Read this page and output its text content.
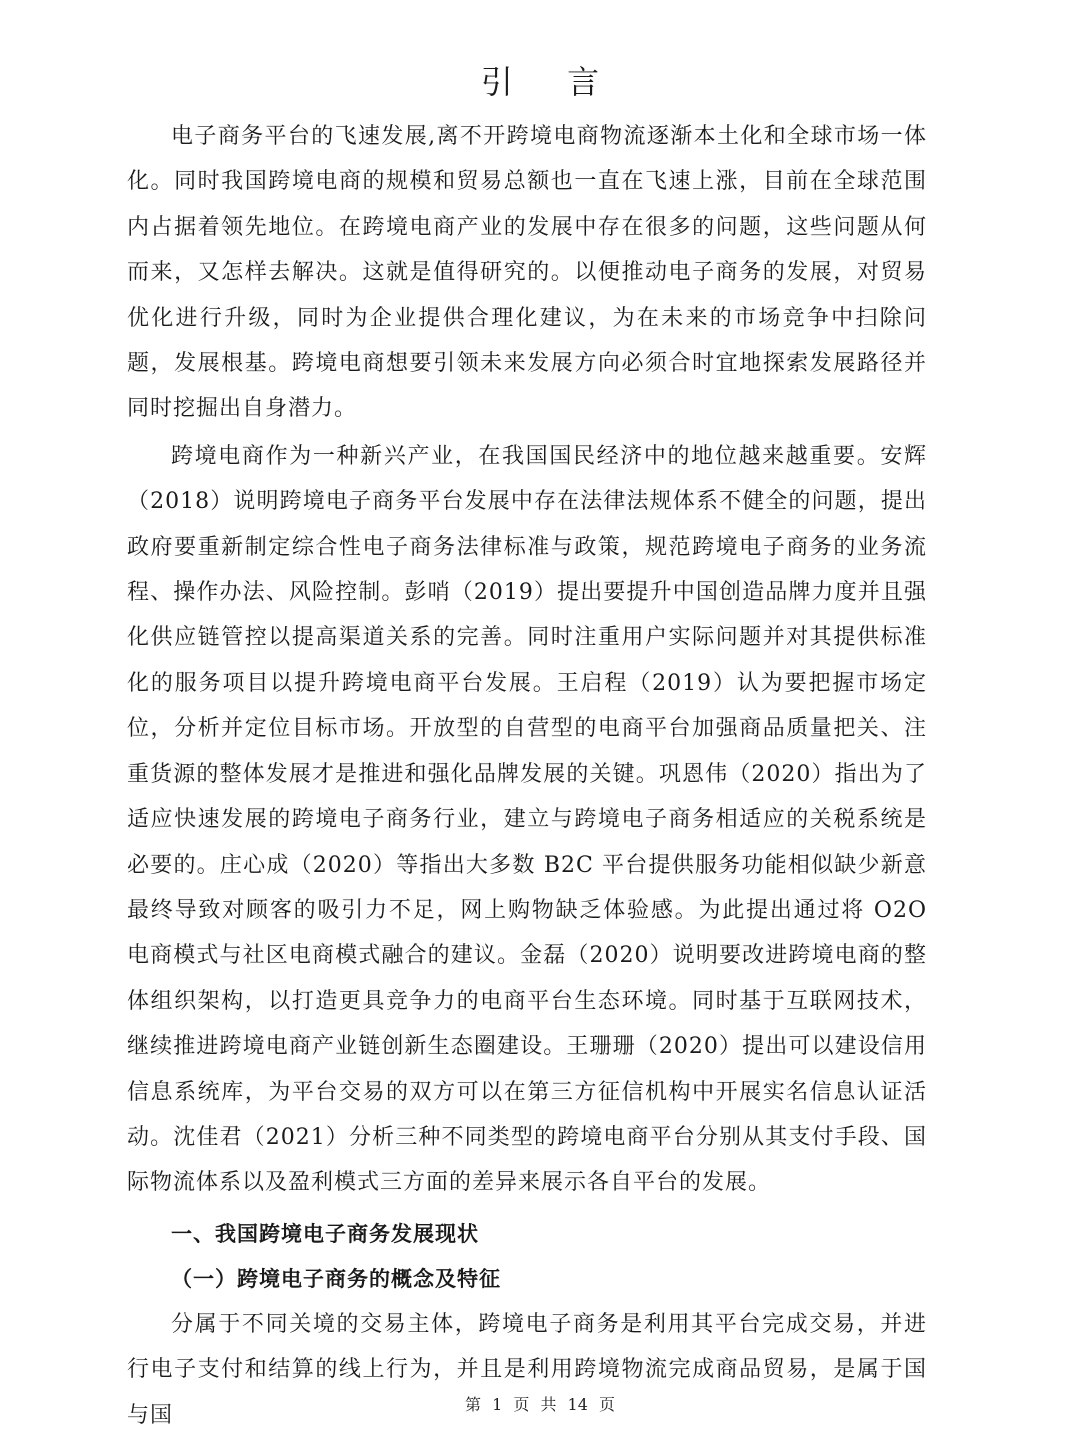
引 言

电子商务平台的飞速发展,离不开跨境电商物流逐渐本土化和全球市场一体化。同时我国跨境电商的规模和贸易总额也一直在飞速上涨，目前在全球范围内占据着领先地位。在跨境电商产业的发展中存在很多的问题，这些问题从何而来，又怎样去解决。这就是值得研究的。以便推动电子商务的发展，对贸易优化进行升级，同时为企业提供合理化建议，为在未来的市场竞争中扫除问题，发展根基。跨境电商想要引领未来发展方向必须合时宜地探索发展路径并同时挖掘出自身潜力。

跨境电商作为一种新兴产业，在我国国民经济中的地位越来越重要。安辉（2018）说明跨境电子商务平台发展中存在法律法规体系不健全的问题，提出政府要重新制定综合性电子商务法律标准与政策，规范跨境电子商务的业务流程、操作办法、风险控制。彭哨（2019）提出要提升中国创造品牌力度并且强化供应链管控以提高渠道关系的完善。同时注重用户实际问题并对其提供标准化的服务项目以提升跨境电商平台发展。王启程（2019）认为要把握市场定位，分析并定位目标市场。开放型的自营型的电商平台加强商品质量把关、注重货源的整体发展才是推进和强化品牌发展的关键。巩恩伟（2020）指出为了适应快速发展的跨境电子商务行业，建立与跨境电子商务相适应的关税系统是必要的。庄心成（2020）等指出大多数 B2C 平台提供服务功能相似缺少新意最终导致对顾客的吸引力不足，网上购物缺乏体验感。为此提出通过将 O2O 电商模式与社区电商模式融合的建议。金磊（2020）说明要改进跨境电商的整体组织架构，以打造更具竞争力的电商平台生态环境。同时基于互联网技术，继续推进跨境电商产业链创新生态圈建设。王珊珊（2020）提出可以建设信用信息系统库，为平台交易的双方可以在第三方征信机构中开展实名信息认证活动。沈佳君（2021）分析三种不同类型的跨境电商平台分别从其支付手段、国际物流体系以及盈利模式三方面的差异来展示各自平台的发展。

一、我国跨境电子商务发展现状
（一）跨境电子商务的概念及特征

分属于不同关境的交易主体，跨境电子商务是利用其平台完成交易，并进行电子支付和结算的线上行为，并且是利用跨境物流完成商品贸易，是属于国与国	第 1 页 共 14 页
